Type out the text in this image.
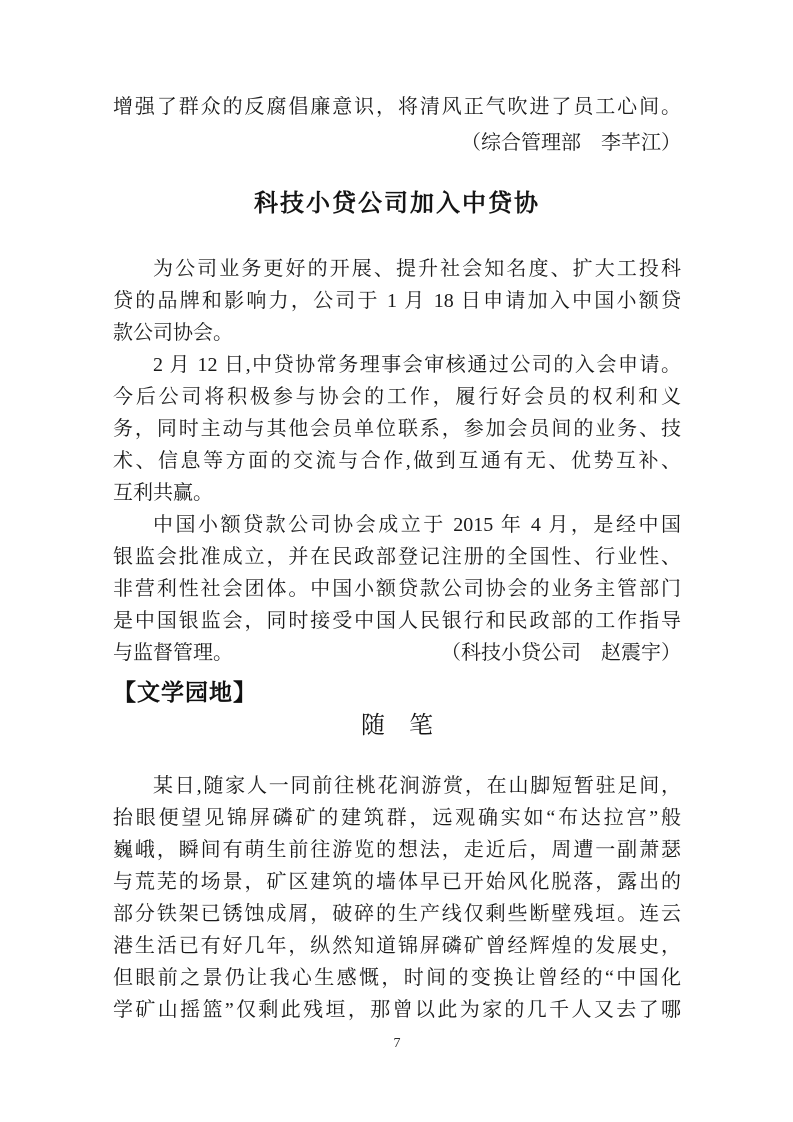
增强了群众的反腐倡廉意识，将清风正气吹进了员工心间。
（综合管理部　李芊江）
科技小贷公司加入中贷协
为公司业务更好的开展、提升社会知名度、扩大工投科
贷的品牌和影响力，公司于 1 月 18 日申请加入中国小额贷
款公司协会。
2 月 12 日,中贷协常务理事会审核通过公司的入会申请。
今后公司将积极参与协会的工作，履行好会员的权利和义
务，同时主动与其他会员单位联系，参加会员间的业务、技
术、信息等方面的交流与合作,做到互通有无、优势互补、
互利共赢。
中国小额贷款公司协会成立于 2015 年 4 月，是经中国
银监会批准成立，并在民政部登记注册的全国性、行业性、
非营利性社会团体。中国小额贷款公司协会的业务主管部门
是中国银监会，同时接受中国人民银行和民政部的工作指导
与监督管理。	（科技小贷公司　赵震宇）
【文学园地】
随　笔
某日,随家人一同前往桃花涧游赏，在山脚短暂驻足间，
抬眼便望见锦屏磷矿的建筑群，远观确实如“布达拉宫”般
巍峨，瞬间有萌生前往游览的想法，走近后，周遭一副萧瑟
与荒芜的场景，矿区建筑的墙体早已开始风化脱落，露出的
部分铁架已锈蚀成屑，破碎的生产线仅剩些断壁残垣。连云
港生活已有好几年，纵然知道锦屏磷矿曾经辉煌的发展史，
但眼前之景仍让我心生感慨，时间的变换让曾经的“中国化
学矿山摇篮”仅剩此残垣，那曾以此为家的几千人又去了哪
7
